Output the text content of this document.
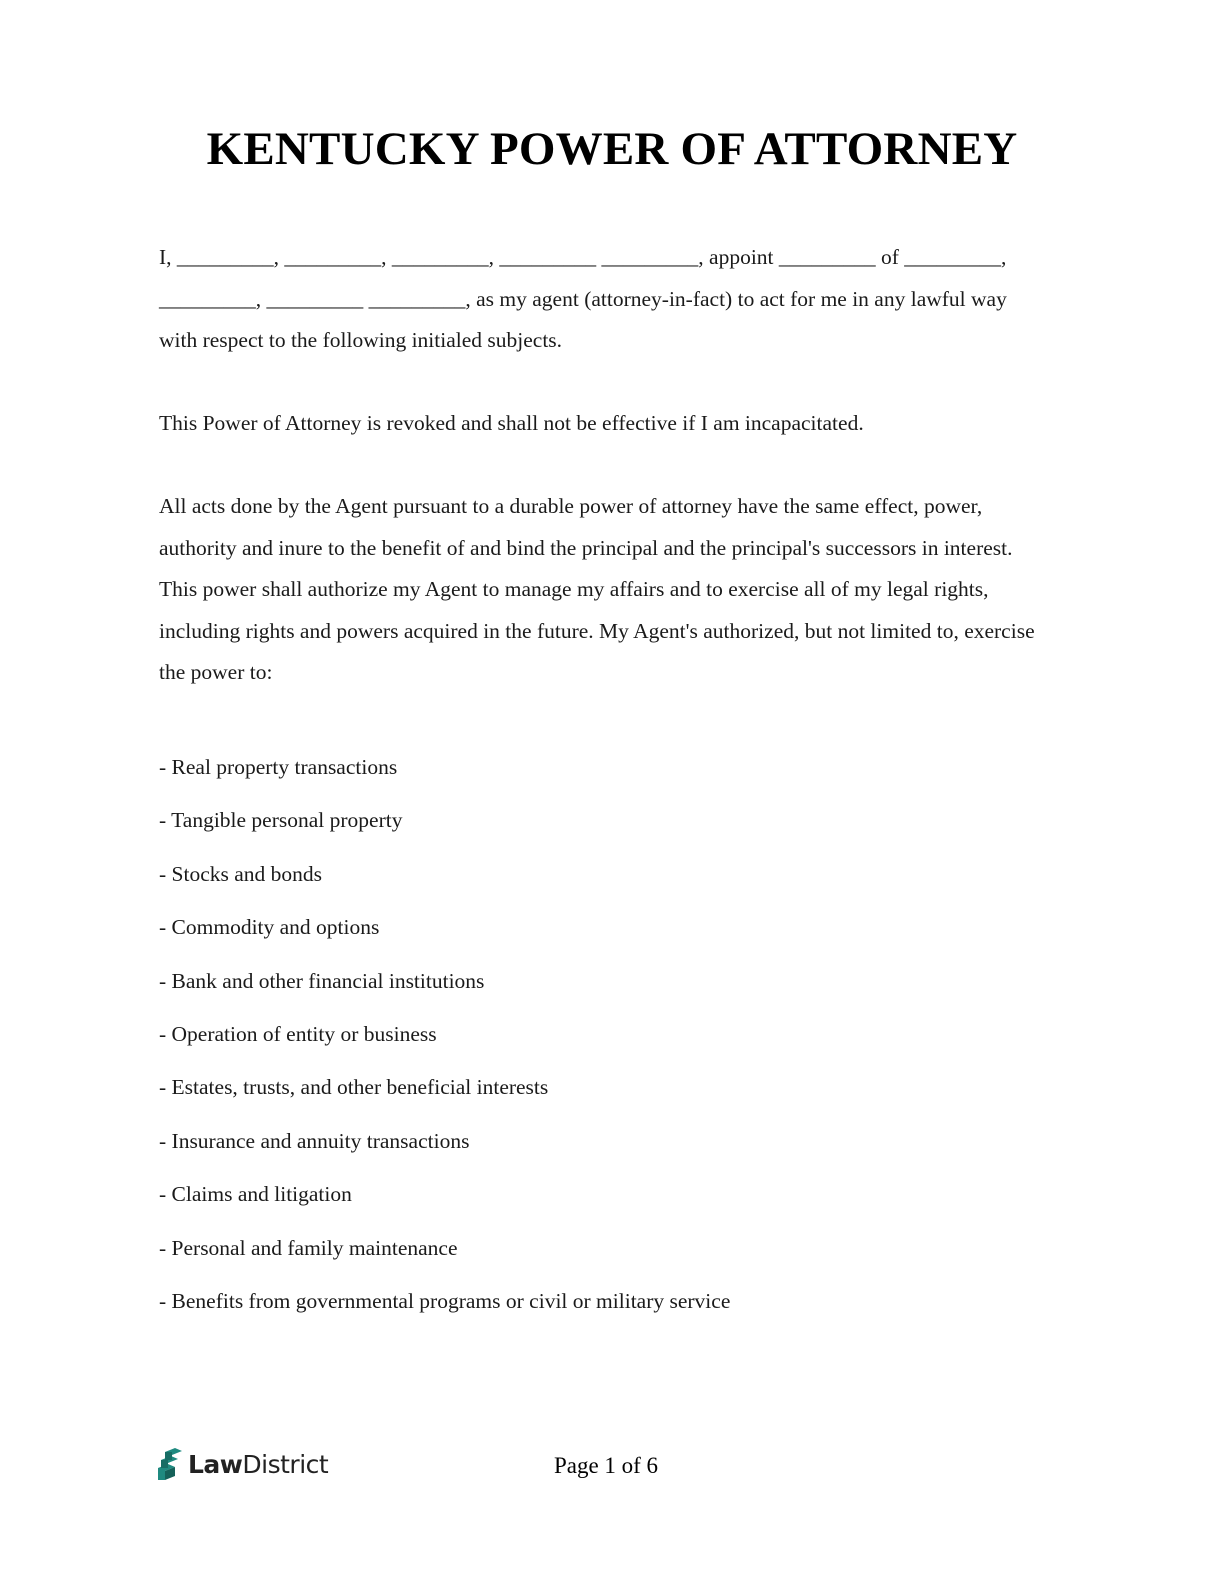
KENTUCKY POWER OF ATTORNEY

I, _________, _________, _________, _________ _________, appoint _________ of _________, _________, _________ _________, as my agent (attorney-in-fact) to act for me in any lawful way with respect to the following initialed subjects.

This Power of Attorney is revoked and shall not be effective if I am incapacitated.

All acts done by the Agent pursuant to a durable power of attorney have the same effect, power, authority and inure to the benefit of and bind the principal and the principal's successors in interest. This power shall authorize my Agent to manage my affairs and to exercise all of my legal rights, including rights and powers acquired in the future. My Agent's authorized, but not limited to, exercise the power to:

- Real property transactions
- Tangible personal property
- Stocks and bonds
- Commodity and options
- Bank and other financial institutions
- Operation of entity or business
- Estates, trusts, and other beneficial interests
- Insurance and annuity transactions
- Claims and litigation
- Personal and family maintenance
- Benefits from governmental programs or civil or military service
LawDistrict	Page 1 of 6
